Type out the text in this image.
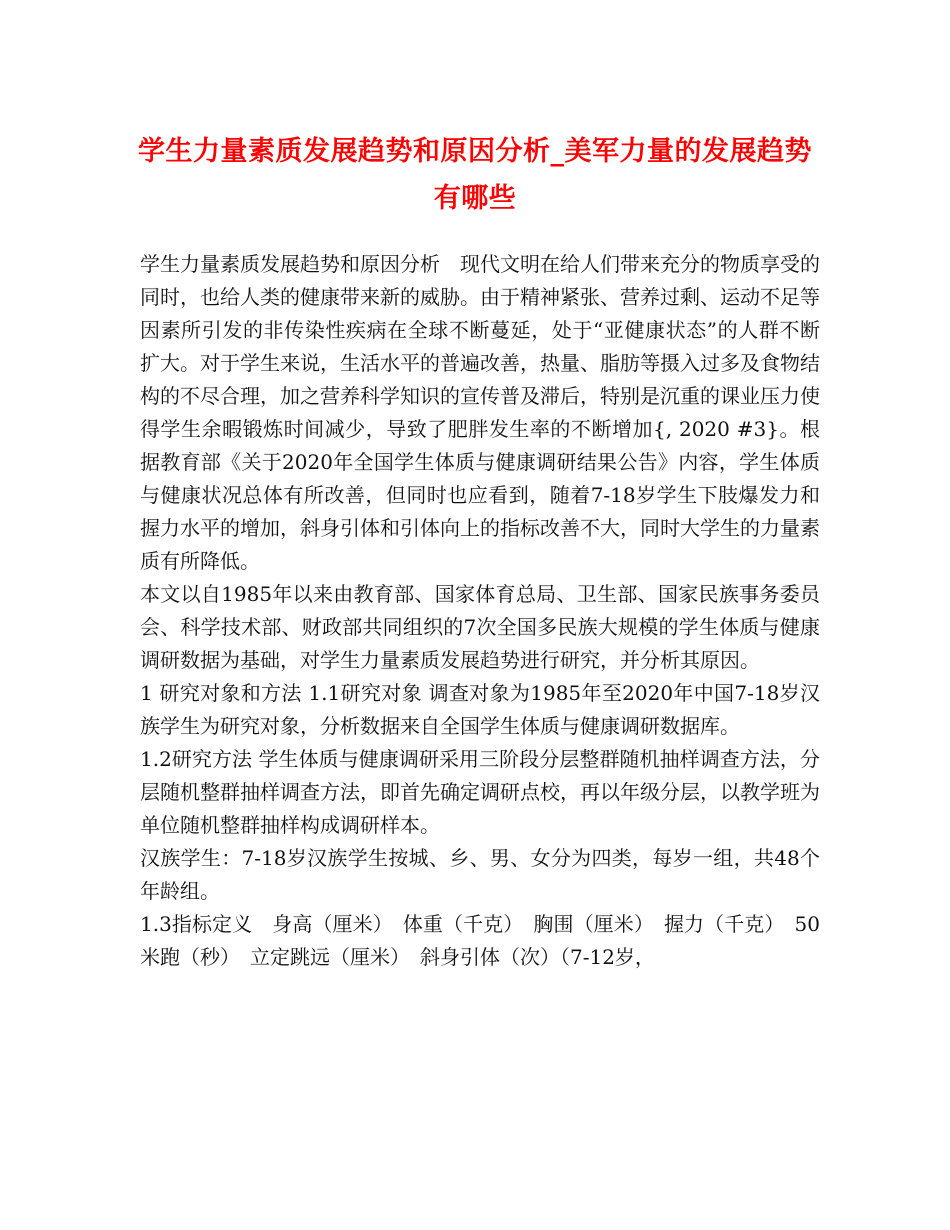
学生力量素质发展趋势和原因分析_美军力量的发展趋势有哪些

学生力量素质发展趋势和原因分析　现代文明在给人们带来充分的物质享受的同时，也给人类的健康带来新的威胁。由于精神紧张、营养过剩、运动不足等因素所引发的非传染性疾病在全球不断蔓延，处于“亚健康状态”的人群不断扩大。对于学生来说，生活水平的普遍改善，热量、脂肪等摄入过多及食物结构的不尽合理，加之营养科学知识的宣传普及滞后，特别是沉重的课业压力使得学生余暇锻炼时间减少，导致了肥胖发生率的不断增加{, 2020 #3}。根据教育部《关于2020年全国学生体质与健康调研结果公告》内容，学生体质与健康状况总体有所改善，但同时也应看到，随着7-18岁学生下肢爆发力和握力水平的增加，斜身引体和引体向上的指标改善不大，同时大学生的力量素质有所降低。

本文以自1985年以来由教育部、国家体育总局、卫生部、国家民族事务委员会、科学技术部、财政部共同组织的7次全国多民族大规模的学生体质与健康调研数据为基础，对学生力量素质发展趋势进行研究，并分析其原因。

1 研究对象和方法 1.1研究对象 调查对象为1985年至2020年中国7-18岁汉族学生为研究对象，分析数据来自全国学生体质与健康调研数据库。

1.2研究方法 学生体质与健康调研采用三阶段分层整群随机抽样调查方法，分层随机整群抽样调查方法，即首先确定调研点校，再以年级分层，以教学班为单位随机整群抽样构成调研样本。

汉族学生：7-18岁汉族学生按城、乡、男、女分为四类，每岁一组，共48个年龄组。

1.3指标定义　身高（厘米）　体重（千克）　胸围（厘米）　握力（千克）　50米跑（秒）　立定跳远（厘米）　斜身引体（次）（7-12岁，
